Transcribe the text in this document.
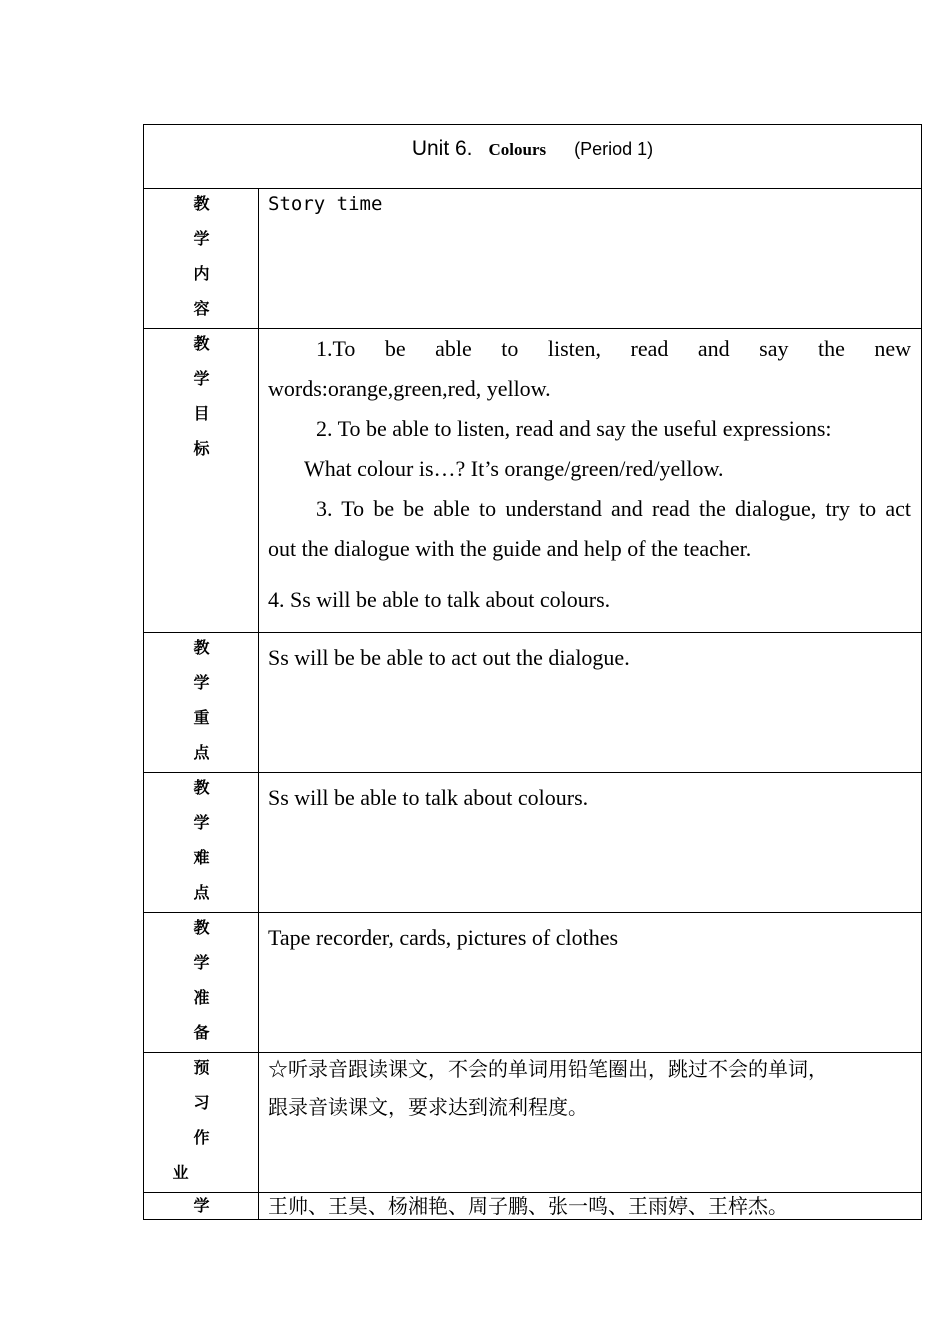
Unit 6. Colours (Period 1)
教
学
内
容
Story time
教
学
目
标

1.To be able to listen, read and say the new

words:orange,green,red, yellow.

2. To be able to listen, read and say the useful expressions:

What colour is…? It’s orange/green/red/yellow.

3. To be be able to understand and read the dialogue, try to act

out the dialogue with the guide and help of the teacher.

4. Ss will be able to talk about colours.

教
学
重
点

Ss will be be able to act out the dialogue.

教
学
难
点

Ss will be able to talk about colours.

教
学
准
备

Tape recorder, cards, pictures of clothes

预
习
作
业

☆听录音跟读课文，不会的单词用铅笔圈出，跳过不会的单词，

跟录音读课文，要求达到流利程度。

学	王帅、王昊、杨湘艳、周子鹏、张一鸣、王雨婷、王梓杰。
